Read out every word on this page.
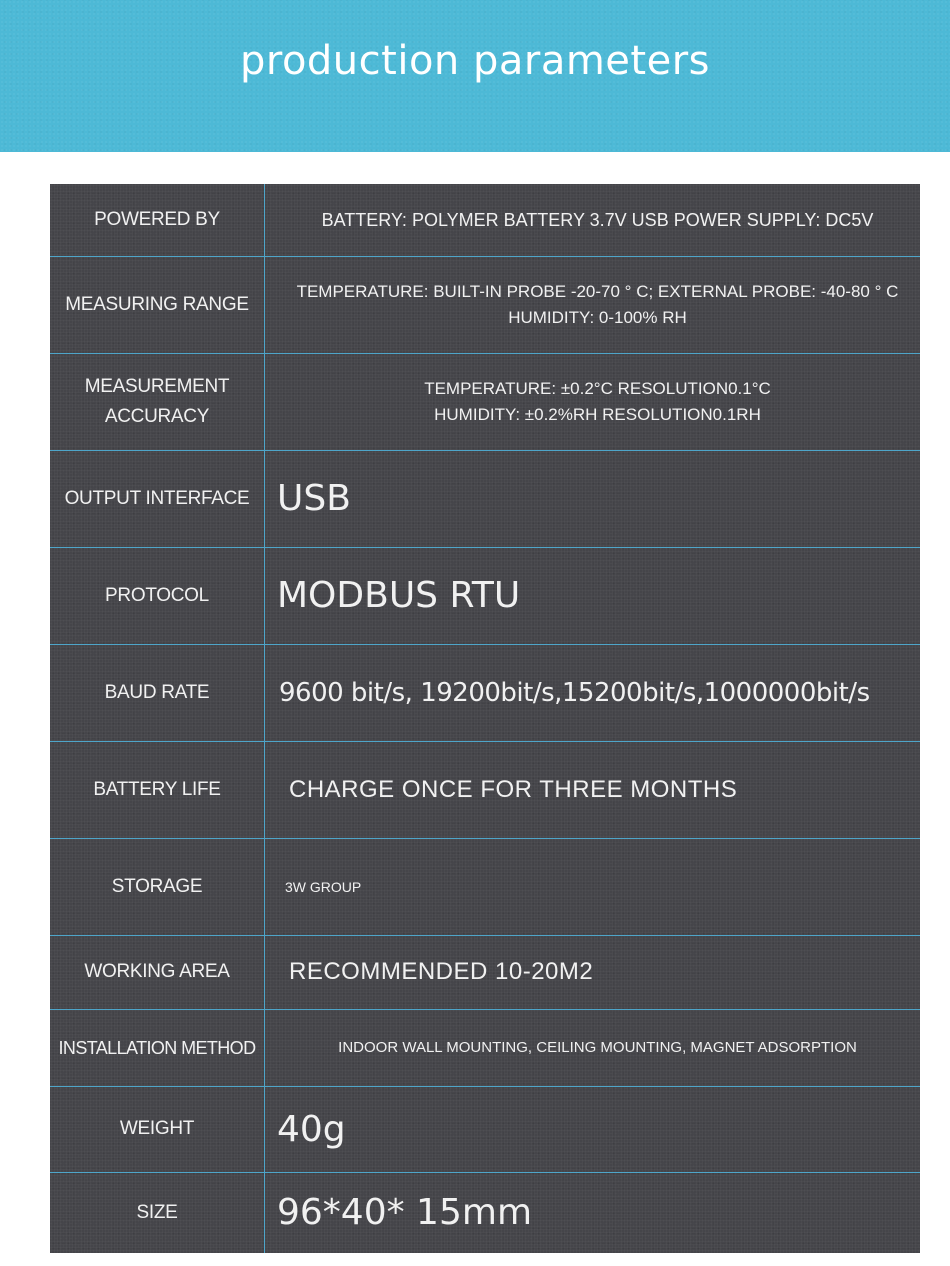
production parameters
POWERED BY	BATTERY: POLYMER BATTERY 3.7V USB POWER SUPPLY: DC5V

MEASURING RANGE	TEMPERATURE: BUILT-IN PROBE -20-70 ° C; EXTERNAL PROBE: -40-80 ° C
HUMIDITY: 0-100% RH

MEASUREMENT
ACCURACY	TEMPERATURE: ±0.2°C RESOLUTION0.1°C
HUMIDITY: ±0.2%RH RESOLUTION0.1RH

OUTPUT INTERFACE	USB

PROTOCOL	MODBUS RTU

BAUD RATE	9600 bit/s, 19200bit/s,15200bit/s,1000000bit/s

BATTERY LIFE	CHARGE ONCE FOR THREE MONTHS

STORAGE	3W GROUP

WORKING AREA	RECOMMENDED 10-20M2

INSTALLATION METHOD	INDOOR WALL MOUNTING, CEILING MOUNTING, MAGNET ADSORPTION

WEIGHT	40g

SIZE	96*40* 15mm
